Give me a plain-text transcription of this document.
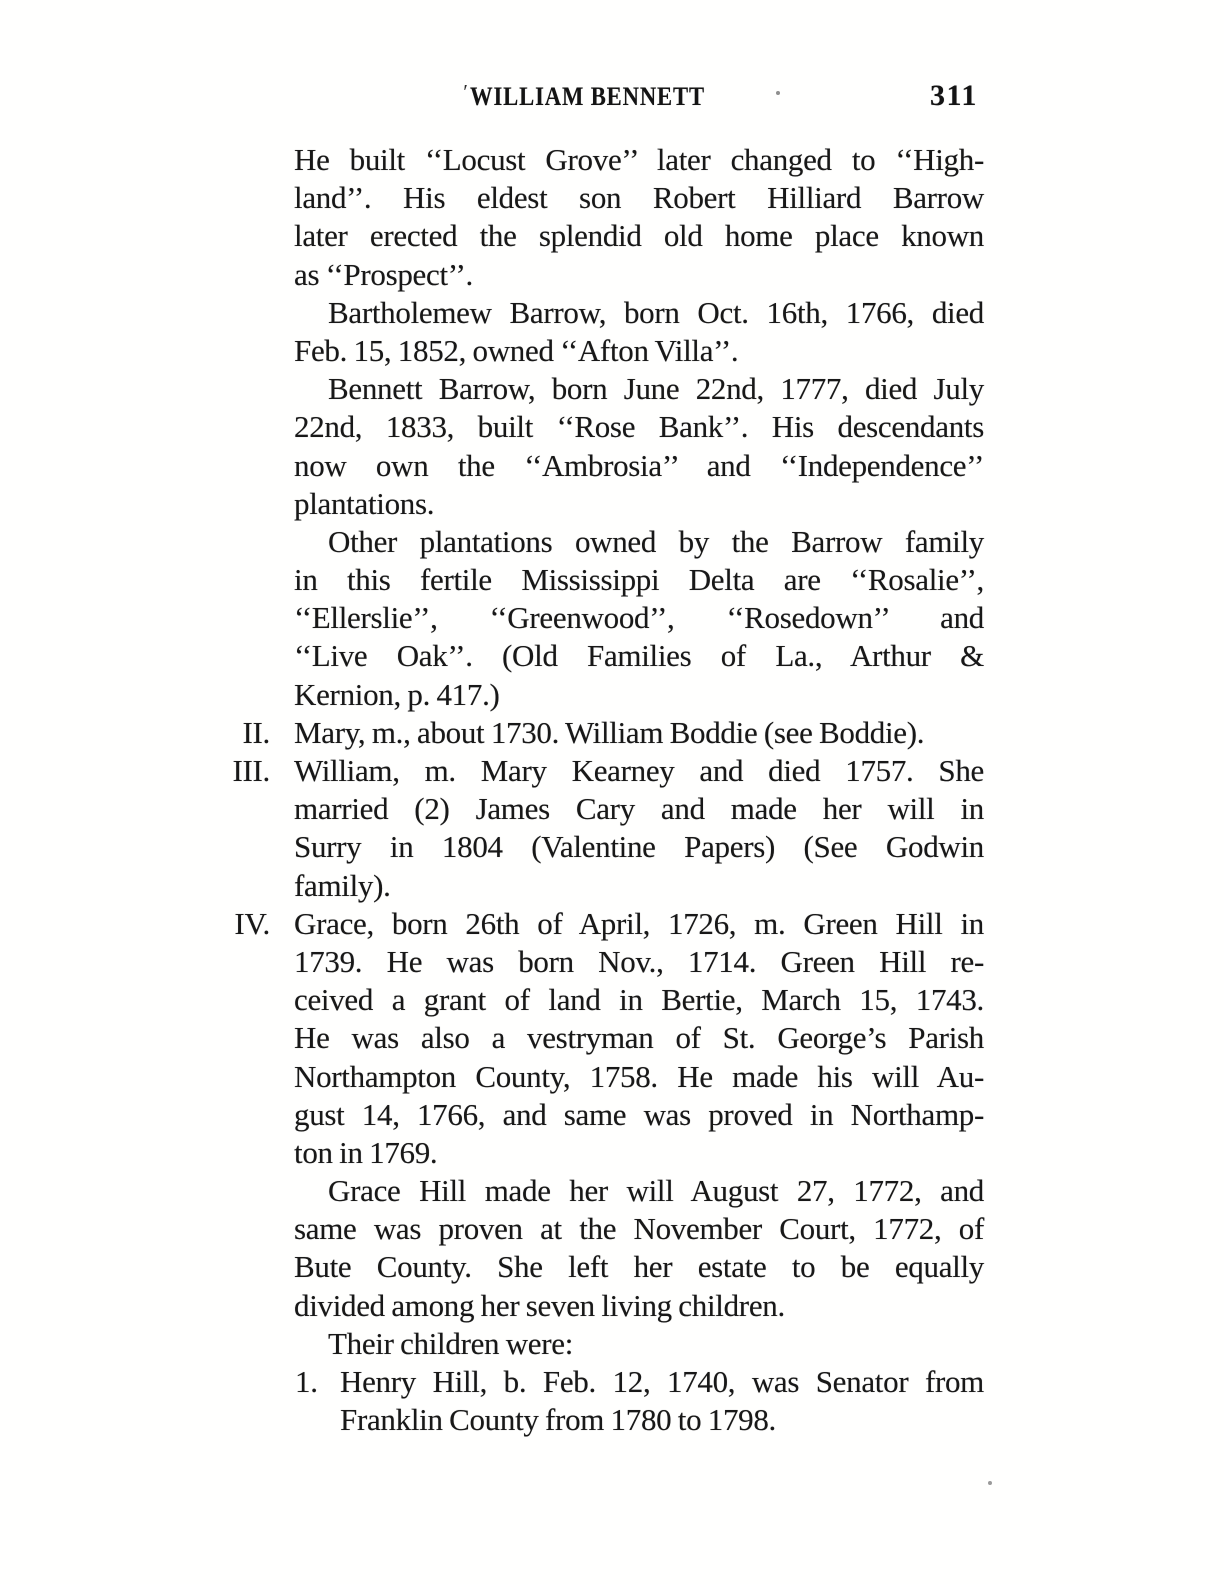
′ WILLIAM BENNETT	311
He built ‘‘Locust Grove’’ later changed to ‘‘High-
land’’. His eldest son Robert Hilliard Barrow
later erected the splendid old home place known
as ‘‘Prospect’’.
Bartholemew Barrow, born Oct. 16th, 1766, died
Feb. 15, 1852, owned ‘‘Afton Villa’’.
Bennett Barrow, born June 22nd, 1777, died July
22nd, 1833, built ‘‘Rose Bank’’. His descendants
now own the ‘‘Ambrosia’’ and ‘‘Independence’’
plantations.
Other plantations owned by the Barrow family
in this fertile Mississippi Delta are ‘‘Rosalie’’,
‘‘Ellerslie’’, ‘‘Greenwood’’, ‘‘Rosedown’’ and
‘‘Live Oak’’. (Old Families of La., Arthur &
Kernion, p. 417.)
II. Mary, m., about 1730. William Boddie (see Boddie).
III. William, m. Mary Kearney and died 1757. She
married (2) James Cary and made her will in
Surry in 1804 (Valentine Papers) (See Godwin
family).
IV. Grace, born 26th of April, 1726, m. Green Hill in
1739. He was born Nov., 1714. Green Hill re-
ceived a grant of land in Bertie, March 15, 1743.
He was also a vestryman of St. George’s Parish
Northampton County, 1758. He made his will Au-
gust 14, 1766, and same was proved in Northamp-
ton in 1769.
Grace Hill made her will August 27, 1772, and
same was proven at the November Court, 1772, of
Bute County. She left her estate to be equally
divided among her seven living children.
Their children were:
1. Henry Hill, b. Feb. 12, 1740, was Senator from
Franklin County from 1780 to 1798.
